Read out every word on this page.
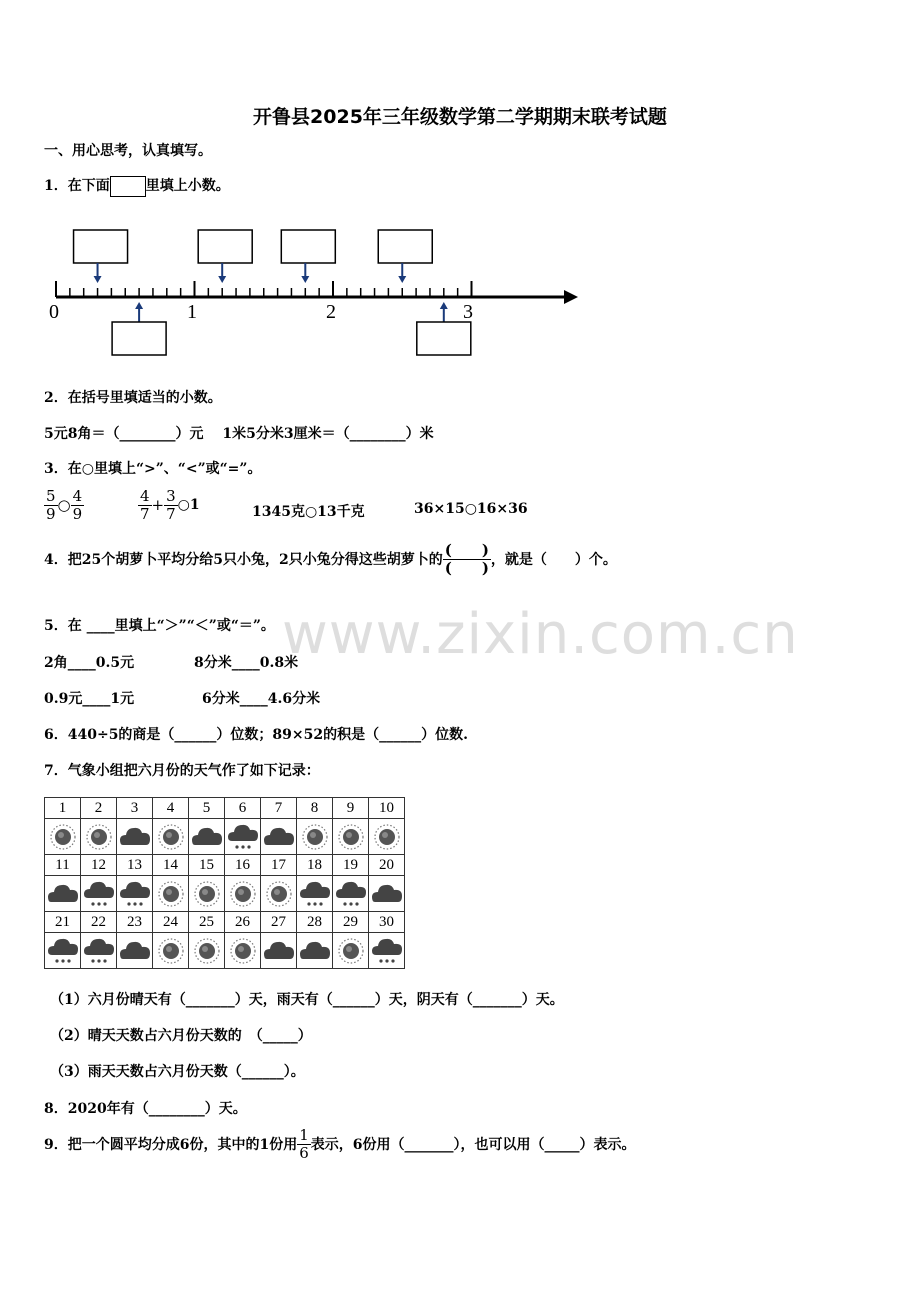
开鲁县2025年三年级数学第二学期期末联考试题
www.zixin.com.cn
一、用心思考，认真填写。
1．在下面	里填上小数。
0	1	2	3
2．在括号里填适当的小数。
5元8角＝（________）元　 1米5分米3厘米＝（________）米
3．在○里填上“>”、“<”或“=”。
$\frac{5}{9}$ ○ $\frac{4}{9}$	$\frac{4}{7} + \frac{3}{7}$ ○1	1345克○13千克	36×15○16×36
4．把25个胡萝卜平均分给5只小兔，2只小兔分得这些胡萝卜的 $\frac{( )}{( )}$ ，就是（　　）个。
5．在 ____里填上“＞”“＜”或“＝”。
2角____0.5元	8分米____0.8米
0.9元____1元	6分米____4.6分米
6．440÷5的商是（______）位数；89×52的积是（______）位数.
7．气象小组把六月份的天气作了如下记录：
1	2	3	4	5	6	7	8	9	10

11	12	13	14	15	16	17	18	19	20

21	22	23	24	25	26	27	28	29	30

（1）六月份晴天有（_______）天，雨天有（______）天，阴天有（_______）天。
（2）晴天天数占六月份天数的　（_____）
（3）雨天天数占六月份天数（______）。
8．2020年有（________）天。
9．把一个圆平均分成6份，其中的1份用 $\frac{1}{6}$ 表示，6份用（_______），也可以用（_____）表示。
